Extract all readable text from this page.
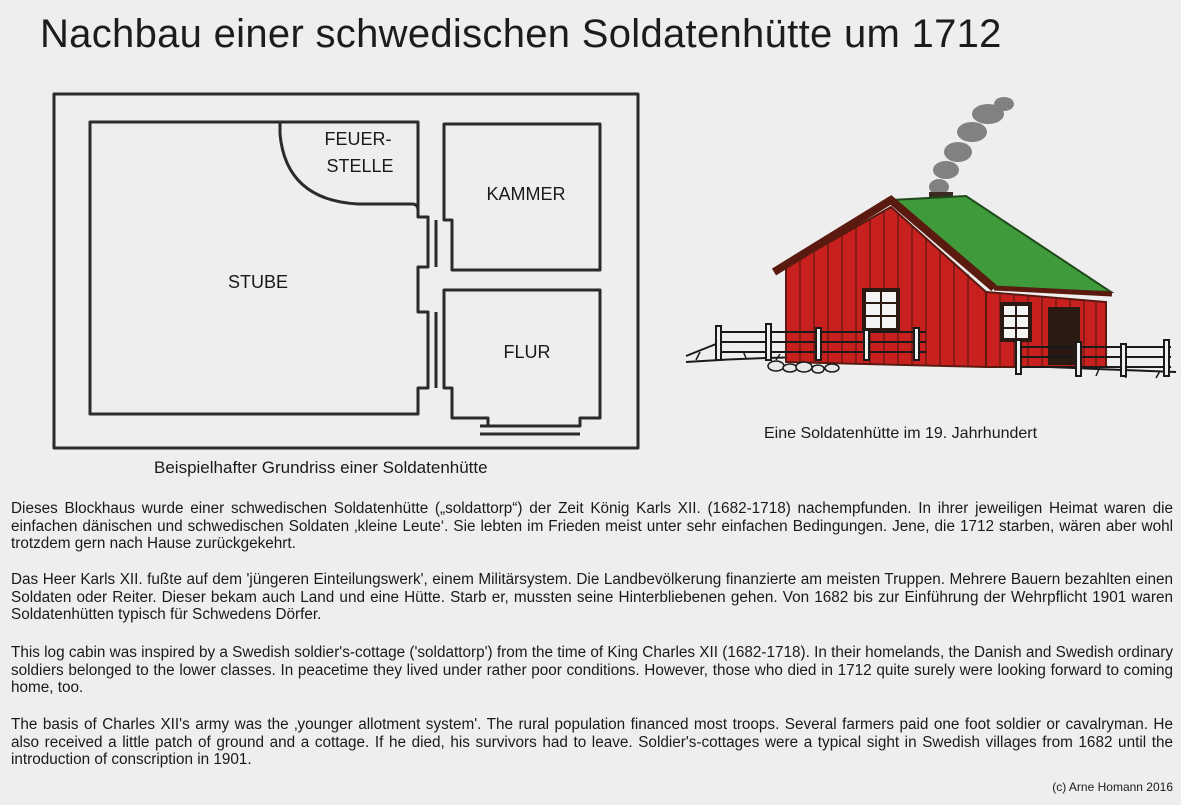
Nachbau einer schwedischen Soldatenhütte um 1712
FEUER-
STELLE
KAMMER
STUBE
FLUR
Beispielhafter Grundriss einer Soldatenhütte
Eine Soldatenhütte im 19. Jahrhundert
Dieses Blockhaus wurde einer schwedischen Soldatenhütte („soldattorp“) der Zeit König Karls XII. (1682-1718) nachempfunden. In ihrer jeweiligen Heimat waren die einfachen dänischen und schwedischen Soldaten ‚kleine Leute‘. Sie lebten im Frieden meist unter sehr einfachen Bedingungen. Jene, die 1712 starben, wären aber wohl trotzdem gern nach Hause zurückgekehrt.
Das Heer Karls XII. fußte auf dem 'jüngeren Einteilungswerk', einem Militärsystem. Die Landbevölkerung finanzierte am meisten Truppen. Mehrere Bauern bezahlten einen Soldaten oder Reiter. Dieser bekam auch Land und eine Hütte. Starb er, mussten seine Hinterbliebenen gehen. Von 1682 bis zur Einführung der Wehrpflicht 1901 waren Soldatenhütten typisch für Schwedens Dörfer.
This log cabin was inspired by a Swedish soldier's-cottage ('soldattorp') from the time of King Charles XII (1682-1718). In their homelands, the Danish and Swedish ordinary soldiers belonged to the lower classes. In peacetime they lived under rather poor conditions. However, those who died in 1712 quite surely were looking forward to coming home, too.
The basis of Charles XII's army was the ‚younger allotment system'. The rural population financed most troops. Several farmers paid one foot soldier or cavalryman. He also received a little patch of ground and a cottage. If he died, his survivors had to leave. Soldier's-cottages were a typical sight in Swedish villages from 1682 until the introduction of conscription in 1901.
(c) Arne Homann 2016
